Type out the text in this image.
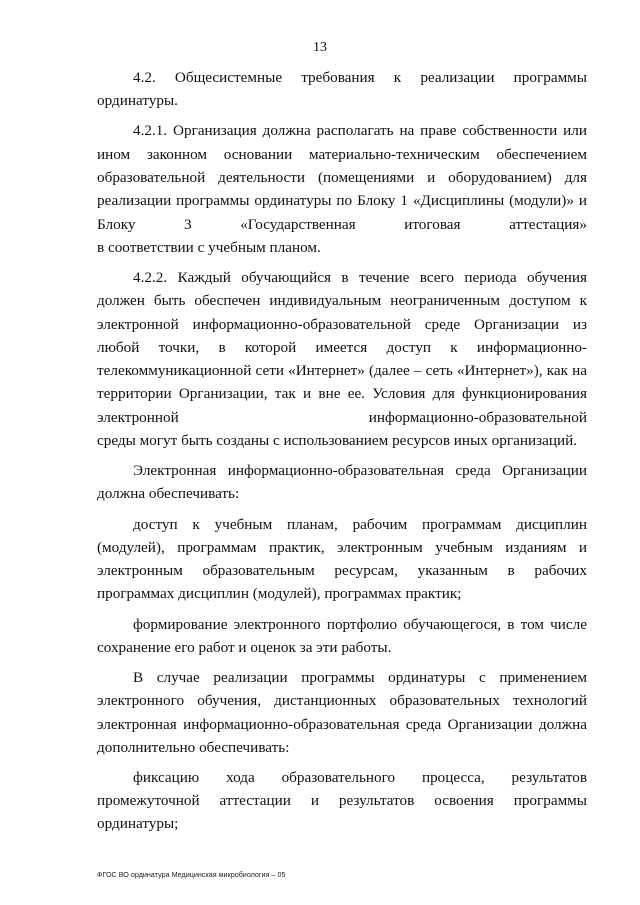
13

4.2. Общесистемные требования к реализации программы
ординатуры.

4.2.1. Организация должна располагать на праве собственности или ином законном основании материально-техническим обеспечением образовательной деятельности (помещениями и оборудованием) для реализации программы ординатуры по Блоку 1 «Дисциплины (модули)» и Блоку 3 «Государственная итоговая аттестация»
в соответствии с учебным планом.

4.2.2. Каждый обучающийся в течение всего периода обучения должен быть обеспечен индивидуальным неограниченным доступом к электронной информационно-образовательной среде Организации из любой точки, в которой имеется доступ к информационно-телекоммуникационной сети «Интернет» (далее – сеть «Интернет»), как на территории Организации, так и вне ее. Условия для функционирования электронной информационно-образовательной
среды могут быть созданы с использованием ресурсов иных организаций.

Электронная информационно-образовательная среда Организации
должна обеспечивать:

доступ к учебным планам, рабочим программам дисциплин (модулей), программам практик, электронным учебным изданиям и электронным образовательным ресурсам, указанным в рабочих
программах дисциплин (модулей), программах практик;

формирование электронного портфолио обучающегося, в том числе
сохранение его работ и оценок за эти работы.

В случае реализации программы ординатуры с применением электронного обучения, дистанционных образовательных технологий электронная информационно-образовательная среда Организации должна
дополнительно обеспечивать:

фиксацию хода образовательного процесса, результатов промежуточной аттестации и результатов освоения программы
ординатуры;

ФГОС ВО ординатура Медицинская микробиология – 05
